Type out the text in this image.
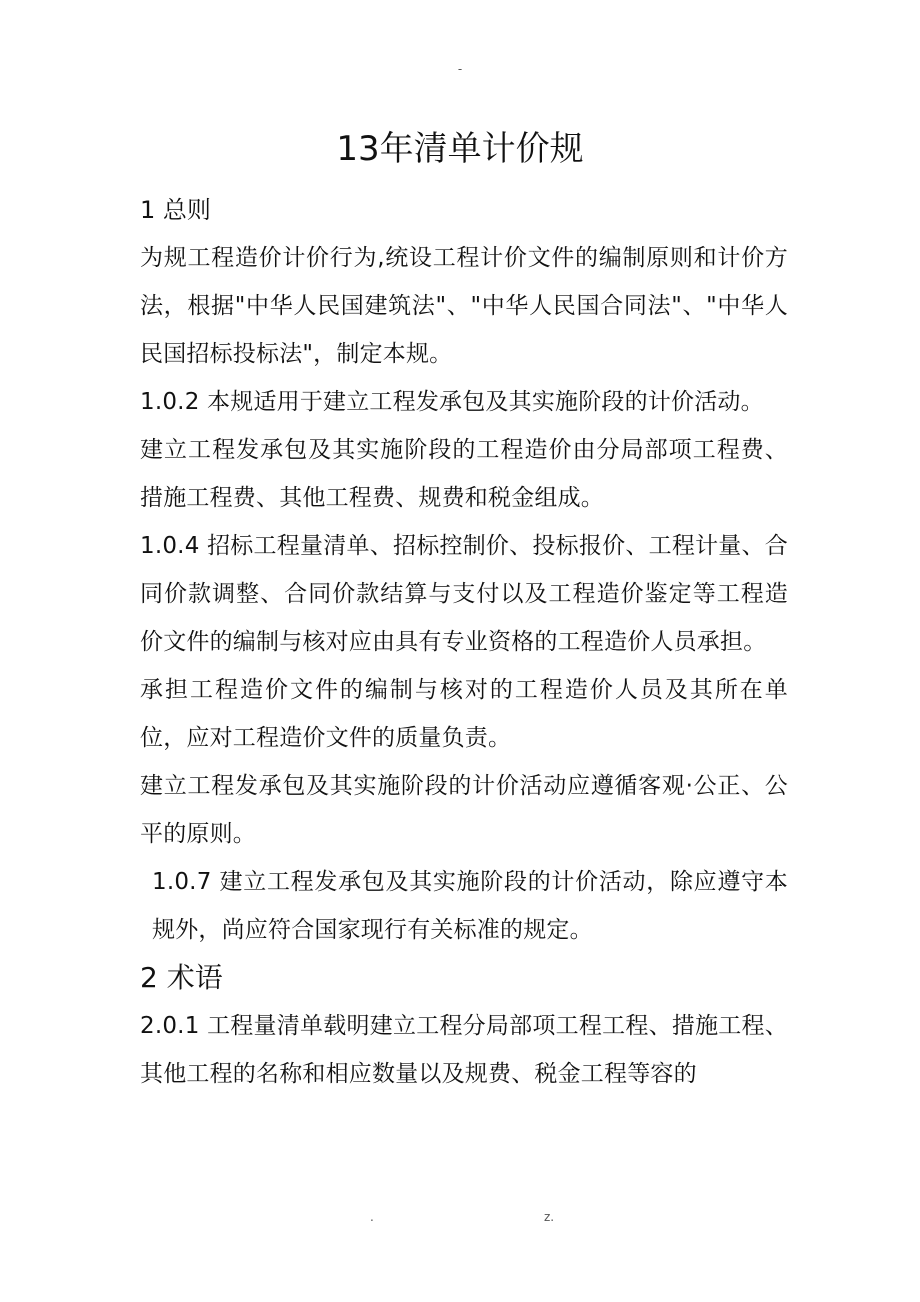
-
13年清单计价规
1 总则

为规工程造价计价行为,统设工程计价文件的编制原则和计价方法，根据"中华人民国建筑法"、"中华人民国合同法"、"中华人民国招标投标法"，制定本规。

1.0.2 本规适用于建立工程发承包及其实施阶段的计价活动。

建立工程发承包及其实施阶段的工程造价由分局部项工程费、措施工程费、其他工程费、规费和税金组成。

1.0.4 招标工程量清单、招标控制价、投标报价、工程计量、合同价款调整、合同价款结算与支付以及工程造价鉴定等工程造价文件的编制与核对应由具有专业资格的工程造价人员承担。

承担工程造价文件的编制与核对的工程造价人员及其所在单位，应对工程造价文件的质量负责。

建立工程发承包及其实施阶段的计价活动应遵循客观·公正、公平的原则。

1.0.7 建立工程发承包及其实施阶段的计价活动，除应遵守本规外，尚应符合国家现行有关标准的规定。

2 术语

2.0.1 工程量清单载明建立工程分局部项工程工程、措施工程、其他工程的名称和相应数量以及规费、税金工程等容的

.	z.
